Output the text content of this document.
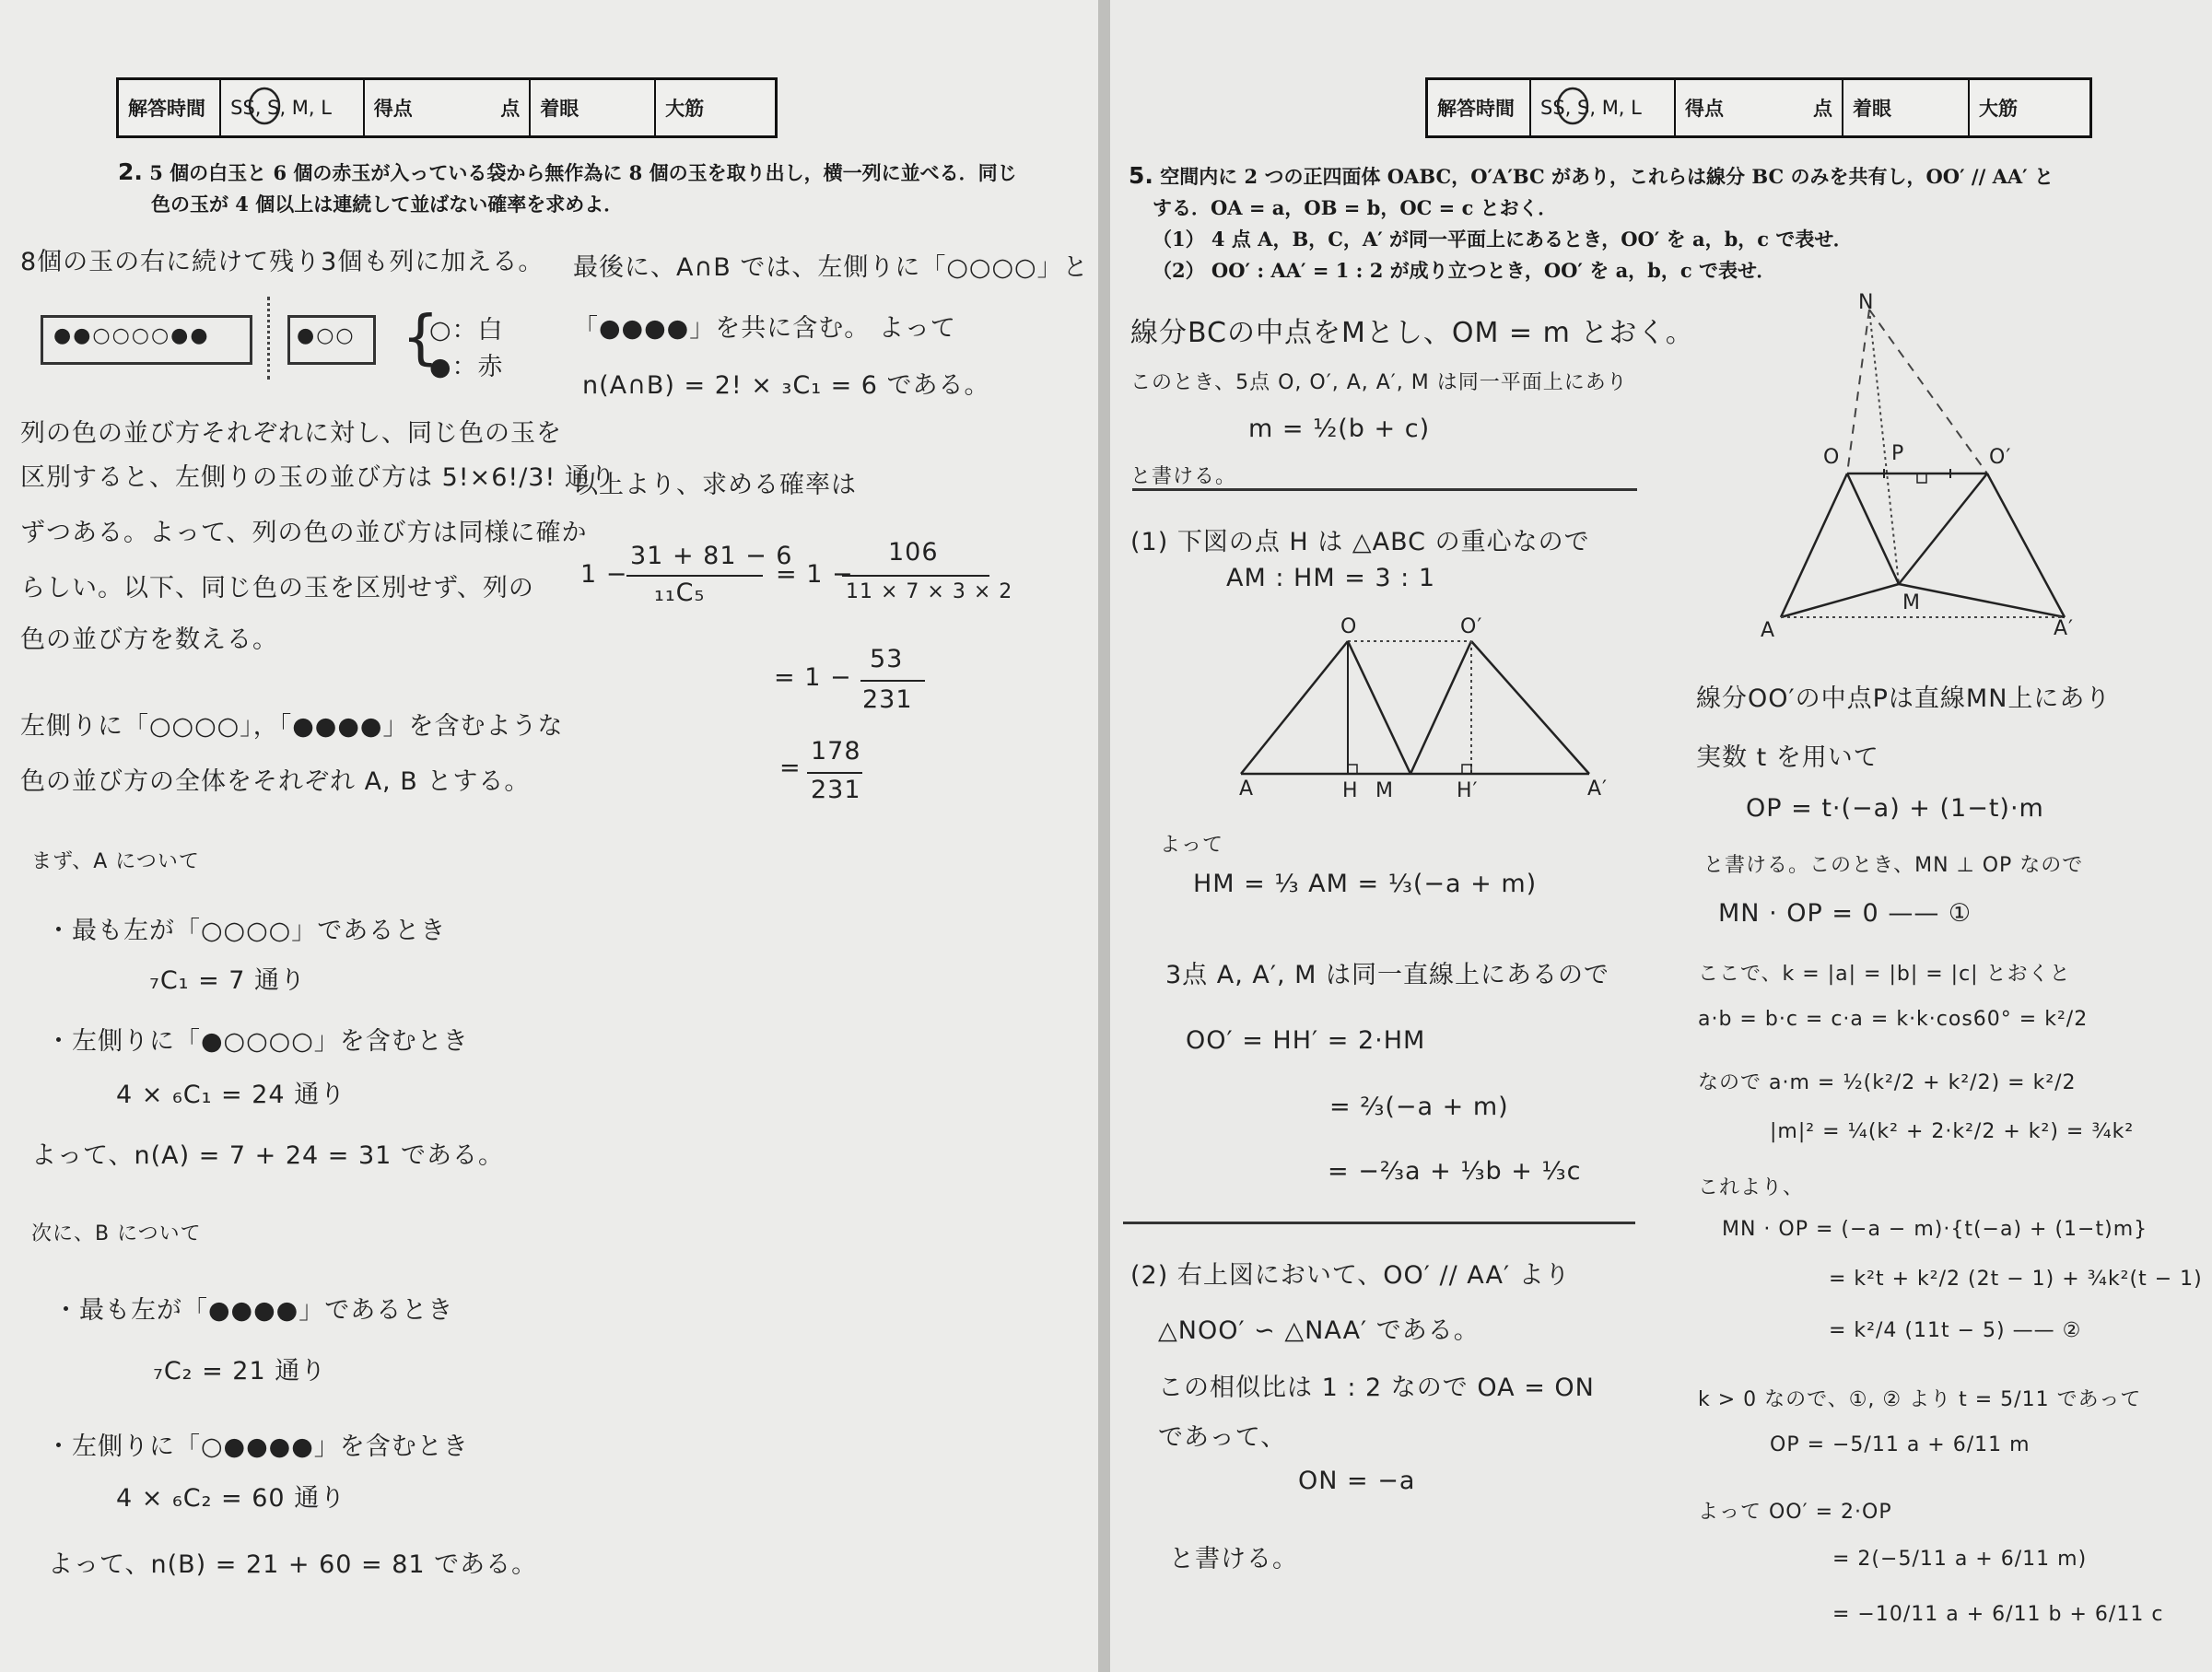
解答時間	SS, S, M, L	得点	点	着眼	大筋
2. 5 個の白玉と 6 個の赤玉が入っている袋から無作為に 8 個の玉を取り出し，横一列に並べる．同じ
色の玉が 4 個以上は連続して並ばない確率を求めよ．
●●○○○○●●	●○○ {
○：白
●：赤
8個の玉の右に続けて残り3個も列に加える。
列の色の並び方それぞれに対し、同じ色の玉を
区別すると、左側りの玉の並び方は 5!×6!/3! 通り
ずつある。よって、列の色の並び方は同様に確か
らしい。以下、同じ色の玉を区別せず、列の
色の並び方を数える。
左側りに「○○○○」，「●●●●」を含むような
色の並び方の全体をそれぞれ A, B とする。
まず、A について
・最も左が「○○○○」であるとき
₇C₁ = 7 通り
・左側りに「●○○○○」を含むとき
4 × ₆C₁ = 24 通り
よって、n(A) = 7 + 24 = 31 である。
次に、B について
・最も左が「●●●●」であるとき
₇C₂ = 21 通り
・左側りに「○●●●●」を含むとき
4 × ₆C₂ = 60 通り
よって、n(B) = 21 + 60 = 81 である。
最後に、A∩B では、左側りに「○○○○」と
「●●●●」を共に含む。 よって
n(A∩B) = 2! × ₃C₁ = 6 である。
以上より、求める確率は
1 −
31 + 81 − 6
₁₁C₅
= 1 −
106
11 × 7 × 3 × 2
= 1 −
53
231
=
178
231
解答時間	SS, S, M, L	得点	点	着眼	大筋
5. 空間内に 2 つの正四面体 OABC，O′A′BC があり，これらは線分 BC のみを共有し，OO′ // AA′ と
する．OA = a，OB = b，OC = c とおく．
（1） 4 点 A，B，C，A′ が同一平面上にあるとき，OO′ を a，b，c で表せ．
（2） OO′ : AA′ = 1 : 2 が成り立つとき，OO′ を a，b，c で表せ．
線分BCの中点をMとし、OM = m とおく。
このとき、5点 O, O′, A, A′, M は同一平面上にあり
m = ½(b + c)
と書ける。
(1) 下図の点 H は △ABC の重心なので
AM : HM = 3 : 1
O	O′
A	H M	H′	A′
よって
HM = ⅓ AM = ⅓(−a + m)
3点 A, A′, M は同一直線上にあるので
OO′ = HH′ = 2·HM
= ⅔(−a + m)
= −⅔a + ⅓b + ⅓c
(2) 右上図において、OO′ // AA′ より
△NOO′ ∽ △NAA′ である。
この相似比は 1 : 2 なので OA = ON
であって、
ON = −a
と書ける。
N
O	P	O′
A
M
A′
線分OO′の中点Pは直線MN上にあり
実数 t を用いて
OP = t·(−a) + (1−t)·m
と書ける。このとき、MN ⊥ OP なので
MN · OP = 0 —— ①
ここで、k = |a| = |b| = |c| とおくと
a·b = b·c = c·a = k·k·cos60° = k²/2
なので a·m = ½(k²/2 + k²/2) = k²/2
|m|² = ¼(k² + 2·k²/2 + k²) = ¾k²
これより、
MN · OP = (−a − m)·{t(−a) + (1−t)m}
= k²t + k²/2 (2t − 1) + ¾k²(t − 1)
= k²/4 (11t − 5) —— ②
k > 0 なので、①, ② より t = 5/11 であって
OP = −5/11 a + 6/11 m
よって OO′ = 2·OP
= 2(−5/11 a + 6/11 m)
= −10/11 a + 6/11 b + 6/11 c
